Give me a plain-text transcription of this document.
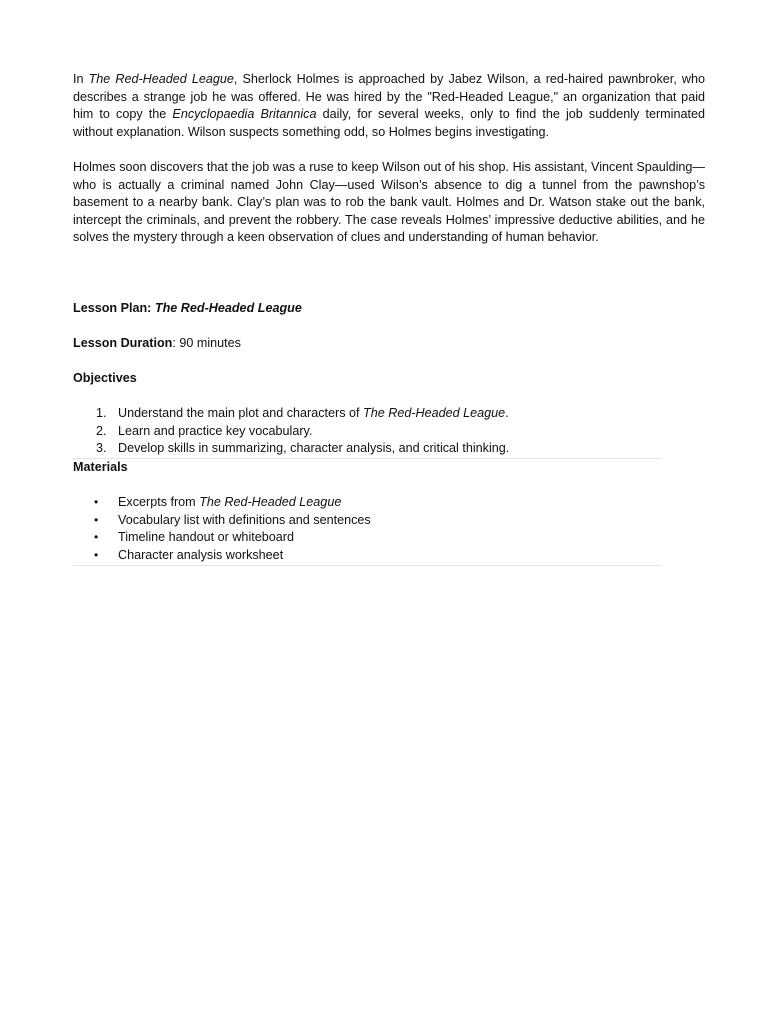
In The Red-Headed League, Sherlock Holmes is approached by Jabez Wilson, a red-haired pawnbroker, who describes a strange job he was offered. He was hired by the "Red-Headed League," an organization that paid him to copy the Encyclopaedia Britannica daily, for several weeks, only to find the job suddenly terminated without explanation. Wilson suspects something odd, so Holmes begins investigating.

Holmes soon discovers that the job was a ruse to keep Wilson out of his shop. His assistant, Vincent Spaulding—who is actually a criminal named John Clay—used Wilson’s absence to dig a tunnel from the pawnshop’s basement to a nearby bank. Clay’s plan was to rob the bank vault. Holmes and Dr. Watson stake out the bank, intercept the criminals, and prevent the robbery. The case reveals Holmes’ impressive deductive abilities, and he solves the mystery through a keen observation of clues and understanding of human behavior.

Lesson Plan: The Red-Headed League

Lesson Duration: 90 minutes

Objectives

1. Understand the main plot and characters of The Red-Headed League.
2. Learn and practice key vocabulary.
3. Develop skills in summarizing, character analysis, and critical thinking.

Materials

• Excerpts from The Red-Headed League
• Vocabulary list with definitions and sentences
• Timeline handout or whiteboard
• Character analysis worksheet
